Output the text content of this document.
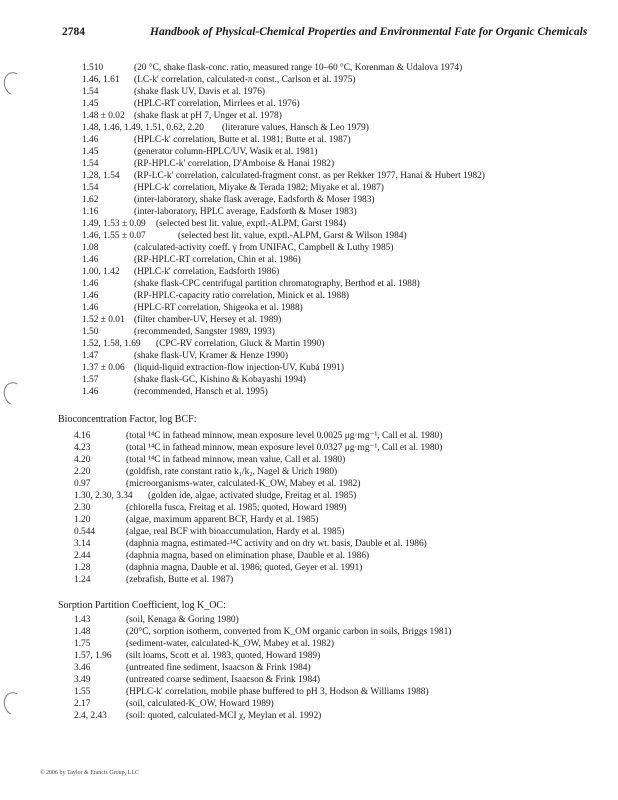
2784	Handbook of Physical-Chemical Properties and Environmental Fate for Organic Chemicals
1.510	(20 °C, shake flask-conc. ratio, measured range 10–60 °C, Korenman & Udalova 1974)
1.46, 1.61 (LC-k′ correlation, calculated-π const., Carlson et al. 1975)
1.54	(shake flask UV, Davis et al. 1976)
1.45	(HPLC-RT correlation, Mirrlees et al. 1976)
1.48 ± 0.02 (shake flask at pH 7, Unger et al. 1978)
1.48, 1.46, 1.49, 1.51, 0.62, 2.20 (literature values, Hansch & Leo 1979)
1.46	(HPLC-k′ correlation, Butte et al. 1981; Butte et al. 1987)
1.45	(generator column-HPLC/UV, Wasik et al. 1981)
1.54	(RP-HPLC-k′ correlation, D'Amboise & Hanai 1982)
1.28, 1.54 (RP-LC-k′ correlation, calculated-fragment const. as per Rekker 1977, Hanai & Hubert 1982)
1.54	(HPLC-k′ correlation, Miyake & Terada 1982; Miyake et al. 1987)
1.62	(inter-laboratory, shake flask average, Eadsforth & Moser 1983)
1.16	(inter-laboratory, HPLC average, Eadsforth & Moser 1983)
1.49, 1.53 ± 0.09 (selected best lit. value, exptl.-ALPM, Garst 1984)
1.46, 1.55 ± 0.07	(selected best lit. value, exptl.-ALPM, Garst & Wilson 1984)
1.08	(calculated-activity coeff. γ from UNIFAC, Campbell & Luthy 1985)
1.46	(RP-HPLC-RT correlation, Chin et al. 1986)
1.00, 1.42 (HPLC-k′ correlation, Eadsforth 1986)
1.46	(shake flask-CPC centrifugal partition chromatography, Berthod et al. 1988)
1.46	(RP-HPLC-capacity ratio correlation, Minick et al. 1988)
1.46	(HPLC-RT correlation, Shigeoka et al. 1988)
1.52 ± 0.01 (filter chamber-UV, Hersey et al. 1989)
1.50	(recommended, Sangster 1989, 1993)
1.52, 1.58, 1.69 (CPC-RV correlation, Gluck & Martin 1990)
1.47	(shake flask-UV, Kramer & Henze 1990)
1.37 ± 0.06 (liquid-liquid extraction-flow injection-UV, Kubá 1991)
1.57	(shake flask-GC, Kishino & Kobayashi 1994)
1.46	(recommended, Hansch et al. 1995)
Bioconcentration Factor, log BCF:
4.16	(total ¹⁴C in fathead minnow, mean exposure level 0.0025 μg·mg⁻¹, Call et al. 1980)
4.23	(total ¹⁴C in fathead minnow, mean exposure level 0.0327 μg·mg⁻¹, Call et al. 1980)
4.20	(total ¹⁴C in fathead minnow, mean value, Call et al. 1980)
2.20	(goldfish, rate constant ratio k₁/k₂, Nagel & Urich 1980)
0.97	(microorganisms-water, calculated-K_OW, Mabey et al. 1982)
1.30, 2.30, 3.34 (golden ide, algae, activated sludge, Freitag et al. 1985)
2.30	(chlorella fusca, Freitag et al. 1985; quoted, Howard 1989)
1.20	(algae, maximum apparent BCF, Hardy et al. 1985)
0.544	(algae, real BCF with bioaccumulation, Hardy et al. 1985)
3.14	(daphnia magna, estimated-¹⁴C activity and on dry wt. basis, Dauble et al. 1986)
2.44	(daphnia magna, based on elimination phase, Dauble et al. 1986)
1.28	(daphnia magna, Dauble et al. 1986; quoted, Geyer et al. 1991)
1.24	(zebrafish, Butte et al. 1987)
Sorption Partition Coefficient, log K_OC:
1.43	(soil, Kenaga & Goring 1980)
1.48	(20°C, sorption isotherm, converted from K_OM organic carbon in soils, Briggs 1981)
1.75	(sediment-water, calculated-K_OW, Mabey et al. 1982)
1.57, 1.96 (silt loams, Scott et al. 1983, quoted, Howard 1989)
3.46	(untreated fine sediment, Isaacson & Frink 1984)
3.49	(untreated coarse sediment, Isaacson & Frink 1984)
1.55	(HPLC-k′ correlation, mobile phase buffered to pH 3, Hodson & Williams 1988)
2.17	(soil, calculated-K_OW, Howard 1989)
2.4, 2.43 (soil: quoted, calculated-MCI χ, Meylan et al. 1992)
© 2006 by Taylor & Francis Group, LLC
